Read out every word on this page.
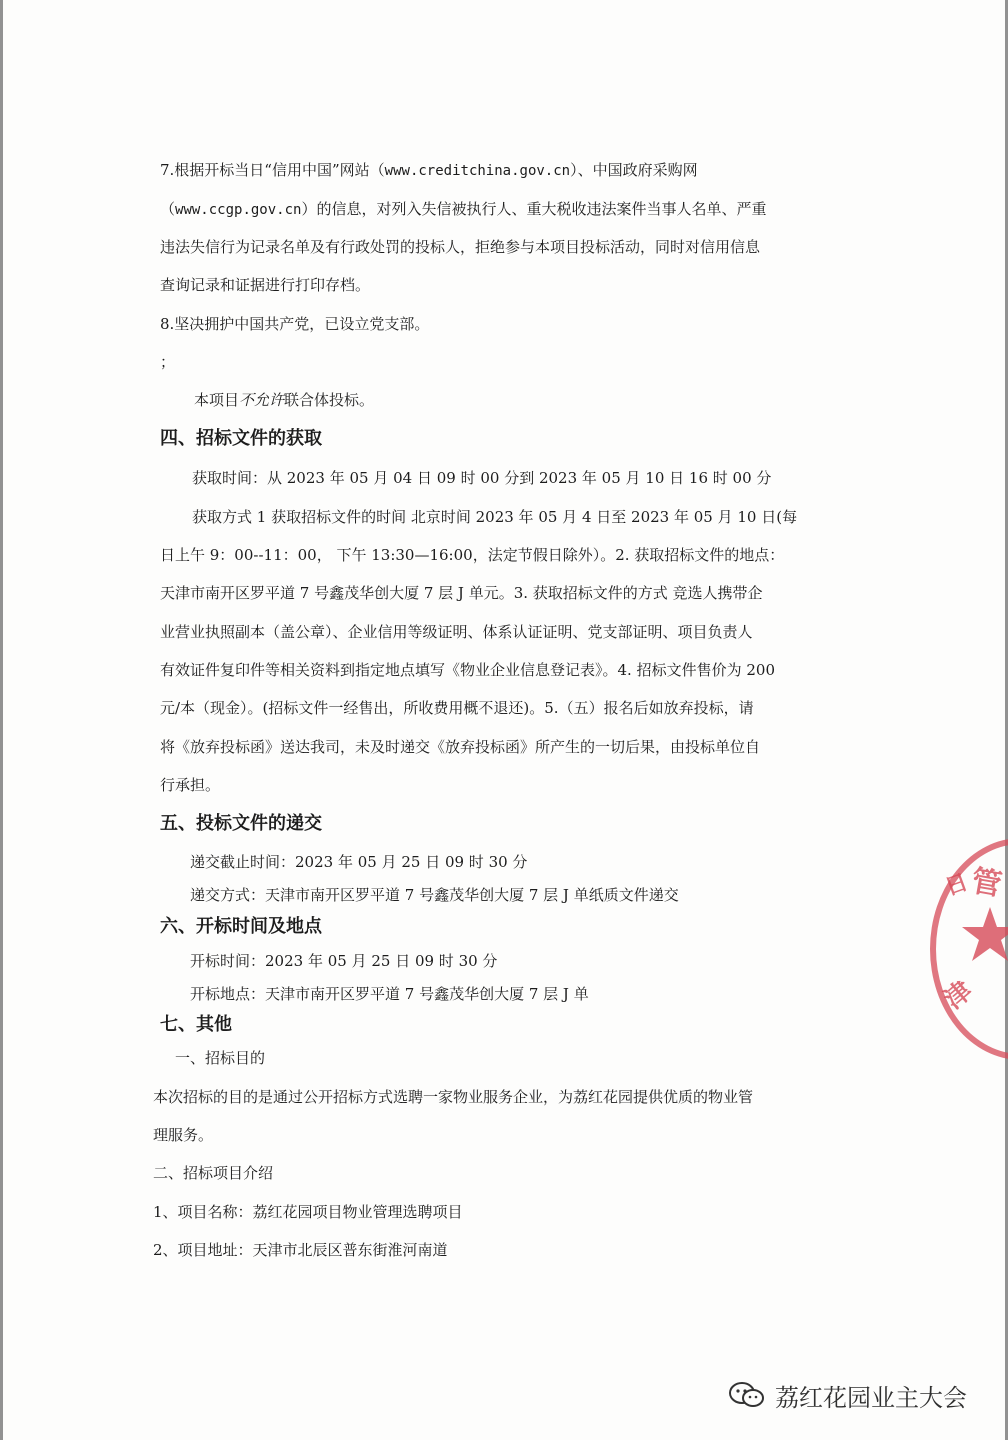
7.根据开标当日“信用中国”网站（www.creditchina.gov.cn）、中国政府采购网
（www.ccgp.gov.cn）的信息，对列入失信被执行人、重大税收违法案件当事人名单、严重
违法失信行为记录名单及有行政处罚的投标人，拒绝参与本项目投标活动，同时对信用信息
查询记录和证据进行打印存档。
8.坚决拥护中国共产党，已设立党支部。
；
本项目不允许联合体投标。
四、招标文件的获取
获取时间：从 2023 年 05 月 04 日 09 时 00 分到 2023 年 05 月 10 日 16 时 00 分
获取方式 1 获取招标文件的时间 北京时间 2023 年 05 月 4 日至 2023 年 05 月 10 日(每
日上午 9：00--11：00， 下午 13:30—16:00，法定节假日除外）。2. 获取招标文件的地点：
天津市南开区罗平道 7 号鑫茂华创大厦 7 层 J 单元。3. 获取招标文件的方式 竞选人携带企
业营业执照副本（盖公章）、企业信用等级证明、体系认证证明、党支部证明、项目负责人
有效证件复印件等相关资料到指定地点填写《物业企业信息登记表》。4. 招标文件售价为 200
元/本（现金）。(招标文件一经售出，所收费用概不退还)。5.（五）报名后如放弃投标，请
将《放弃投标函》送达我司，未及时递交《放弃投标函》所产生的一切后果，由投标单位自
行承担。
五、投标文件的递交
递交截止时间：2023 年 05 月 25 日 09 时 30 分
递交方式：天津市南开区罗平道 7 号鑫茂华创大厦 7 层 J 单纸质文件递交
六、开标时间及地点
开标时间：2023 年 05 月 25 日 09 时 30 分
开标地点：天津市南开区罗平道 7 号鑫茂华创大厦 7 层 J 单
七、其他
一、招标目的
本次招标的目的是通过公开招标方式选聘一家物业服务企业，为荔红花园提供优质的物业管
理服务。
二、招标项目介绍
1、项目名称：荔红花园项目物业管理选聘项目
2、项目地址：天津市北辰区普东街淮河南道
日
管
津
荔红花园业主大会
